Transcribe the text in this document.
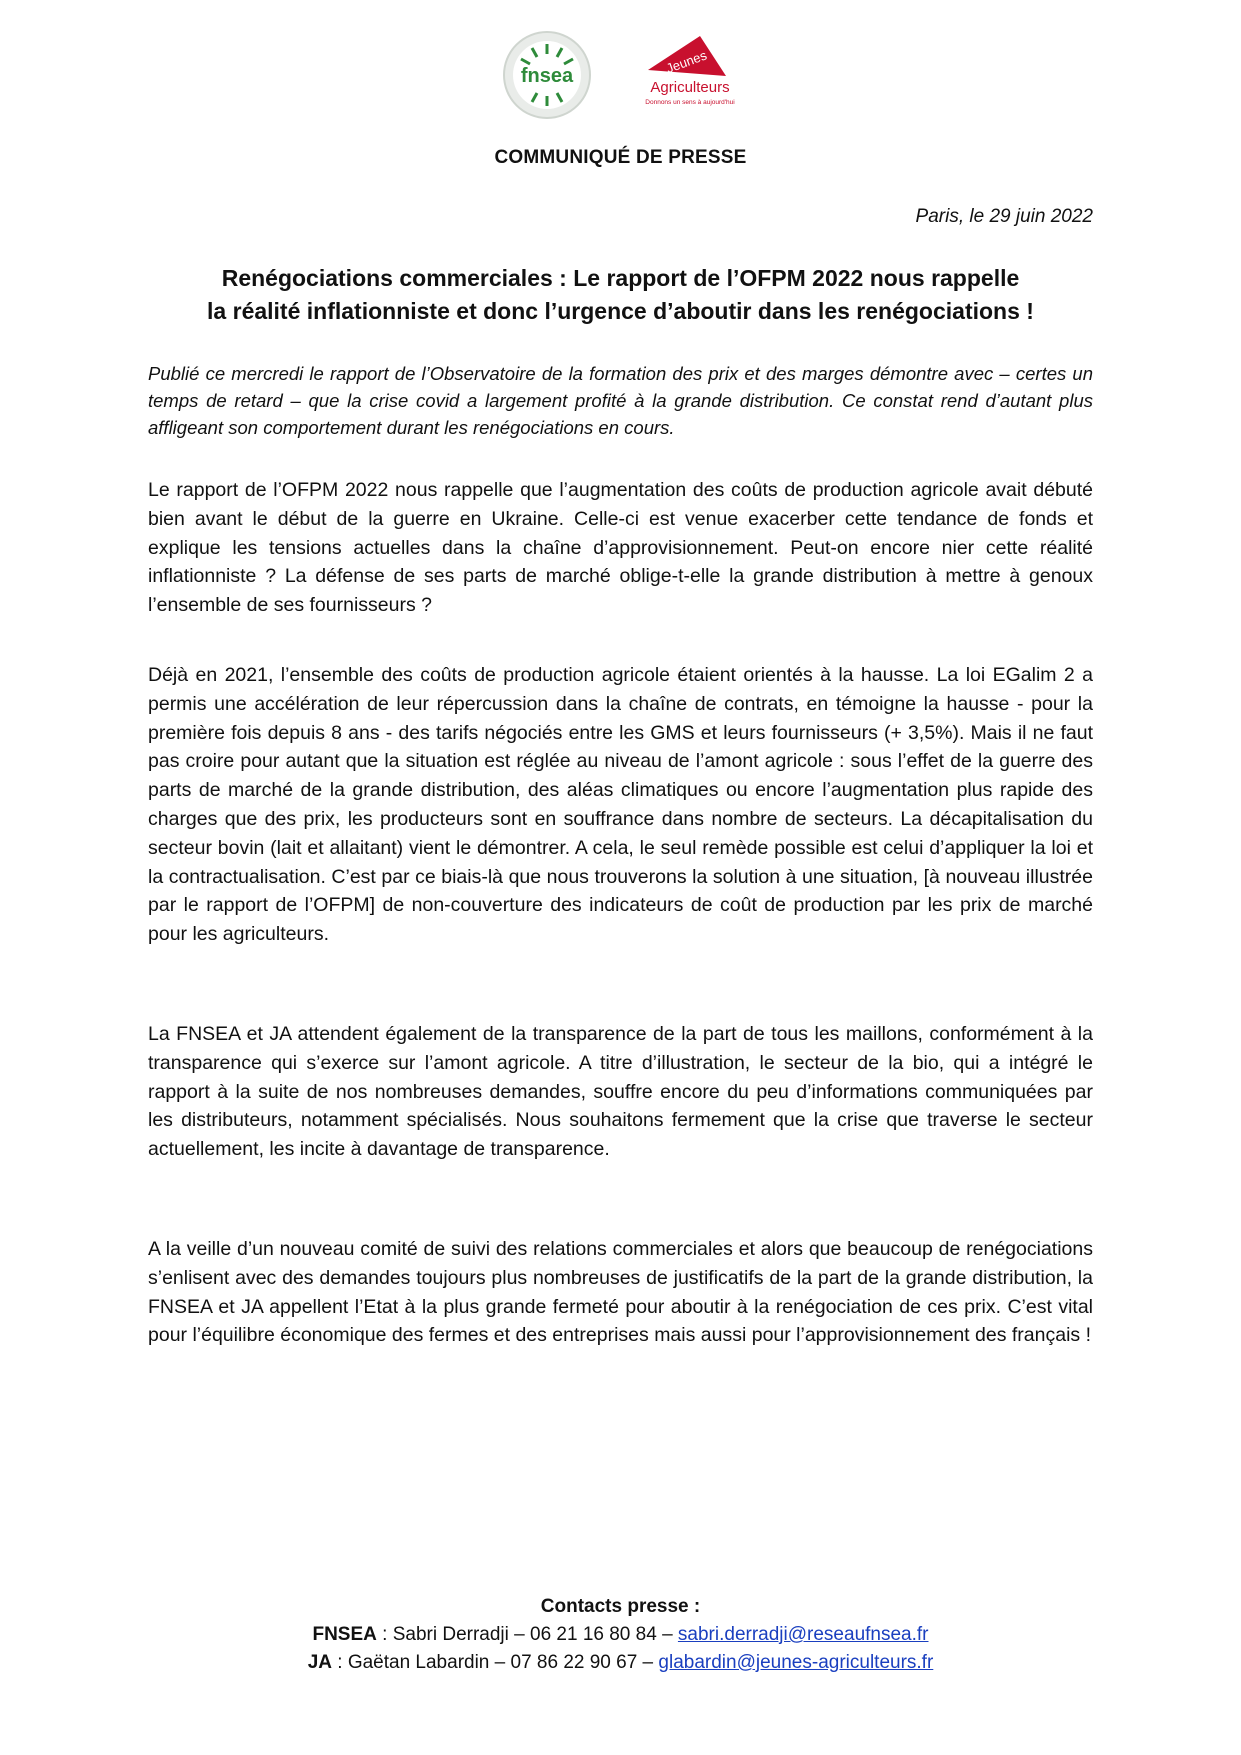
fnsea
Jeunes
Agriculteurs
Donnons un sens à aujourd'hui
COMMUNIQUÉ DE PRESSE
Paris, le 29 juin 2022
Renégociations commerciales : Le rapport de l’OFPM 2022 nous rappelle
la réalité inflationniste et donc l’urgence d’aboutir dans les renégociations !

Publié ce mercredi le rapport de l’Observatoire de la formation des prix et des marges démontre avec – certes un temps de retard – que la crise covid a largement profité à la grande distribution. Ce constat rend d’autant plus affligeant son comportement durant les renégociations en cours.

Le rapport de l’OFPM 2022 nous rappelle que l’augmentation des coûts de production agricole avait débuté bien avant le début de la guerre en Ukraine. Celle-ci est venue exacerber cette tendance de fonds et explique les tensions actuelles dans la chaîne d’approvisionnement. Peut-on encore nier cette réalité inflationniste ? La défense de ses parts de marché oblige-t-elle la grande distribution à mettre à genoux l’ensemble de ses fournisseurs ?

Déjà en 2021, l’ensemble des coûts de production agricole étaient orientés à la hausse. La loi EGalim 2 a permis une accélération de leur répercussion dans la chaîne de contrats, en témoigne la hausse - pour la première fois depuis 8 ans - des tarifs négociés entre les GMS et leurs fournisseurs (+ 3,5%). Mais il ne faut pas croire pour autant que la situation est réglée au niveau de l’amont agricole : sous l’effet de la guerre des parts de marché de la grande distribution, des aléas climatiques ou encore l’augmentation plus rapide des charges que des prix, les producteurs sont en souffrance dans nombre de secteurs. La décapitalisation du secteur bovin (lait et allaitant) vient le démontrer. A cela, le seul remède possible est celui d’appliquer la loi et la contractualisation. C’est par ce biais-là que nous trouverons la solution à une situation, [à nouveau illustrée par le rapport de l’OFPM] de non-couverture des indicateurs de coût de production par les prix de marché pour les agriculteurs.

La FNSEA et JA attendent également de la transparence de la part de tous les maillons, conformément à la transparence qui s’exerce sur l’amont agricole. A titre d’illustration, le secteur de la bio, qui a intégré le rapport à la suite de nos nombreuses demandes, souffre encore du peu d’informations communiquées par les distributeurs, notamment spécialisés. Nous souhaitons fermement que la crise que traverse le secteur actuellement, les incite à davantage de transparence.

A la veille d’un nouveau comité de suivi des relations commerciales et alors que beaucoup de renégociations s’enlisent avec des demandes toujours plus nombreuses de justificatifs de la part de la grande distribution, la FNSEA et JA appellent l’Etat à la plus grande fermeté pour aboutir à la renégociation de ces prix. C’est vital pour l’équilibre économique des fermes et des entreprises mais aussi pour l’approvisionnement des français !

Contacts presse :
FNSEA : Sabri Derradji – 06 21 16 80 84 – sabri.derradji@reseaufnsea.fr
JA : Gaëtan Labardin – 07 86 22 90 67 – glabardin@jeunes-agriculteurs.fr
